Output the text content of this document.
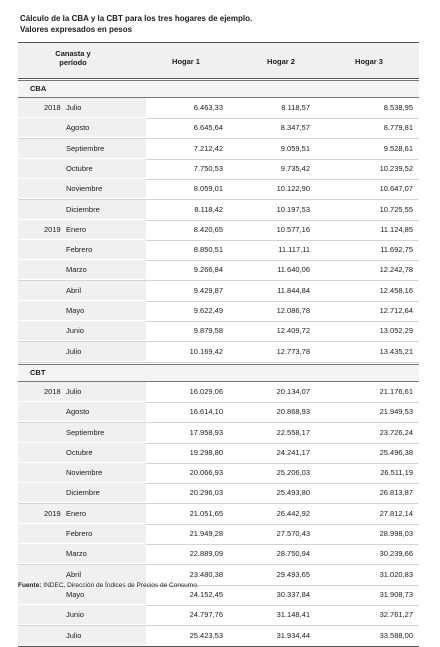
Cálculo de la CBA y la CBT para los tres hogares de ejemplo.
Valores expresados en pesos
Canasta y
período	Hogar 1	Hogar 2	Hogar 3
CBA
2018 Julio	6.463,33	8.118,57	8.538,95
Agosto	6.645,64	8.347,57	8.779,81
Septiembre	7.212,42	9.059,51	9.528,61
Octubre	7.750,53	9.735,42	10.239,52
Noviembre	8.059,01	10.122,90	10.647,07
Diciembre	8.118,42	10.197,53	10.725,55
2019 Enero	8.420,65	10.577,16	11.124,85
Febrero	8.850,51	11.117,11	11.692,75
Marzo	9.266,84	11.640,06	12.242,78
Abril	9.429,87	11.844,84	12.458,16
Mayo	9.622,49	12.086,78	12.712,64
Junio	9.879,58	12.409,72	13.052,29
Julio	10.169,42	12.773,78	13.435,21
CBT
2018 Julio	16.029,06	20.134,07	21.176,61
Agosto	16.614,10	20.868,93	21.949,53
Septiembre	17.958,93	22.558,17	23.726,24
Octubre	19.298,80	24.241,17	25.496,38
Noviembre	20.066,93	25.206,03	26.511,19
Diciembre	20.296,03	25.493,80	26.813,87
2019 Enero	21.051,65	26.442,92	27.812,14
Febrero	21.949,28	27.570,43	28.998,03
Marzo	22.889,09	28.750,94	30.239,66
Abril	23.480,38	29.493,65	31.020,83
Mayo	24.152,45	30.337,84	31.908,73
Junio	24.797,76	31.148,41	32.761,27
Julio	25.423,53	31.934,44	33.588,00
Fuente: INDEC, Dirección de Índices de Precios de Consumo.
